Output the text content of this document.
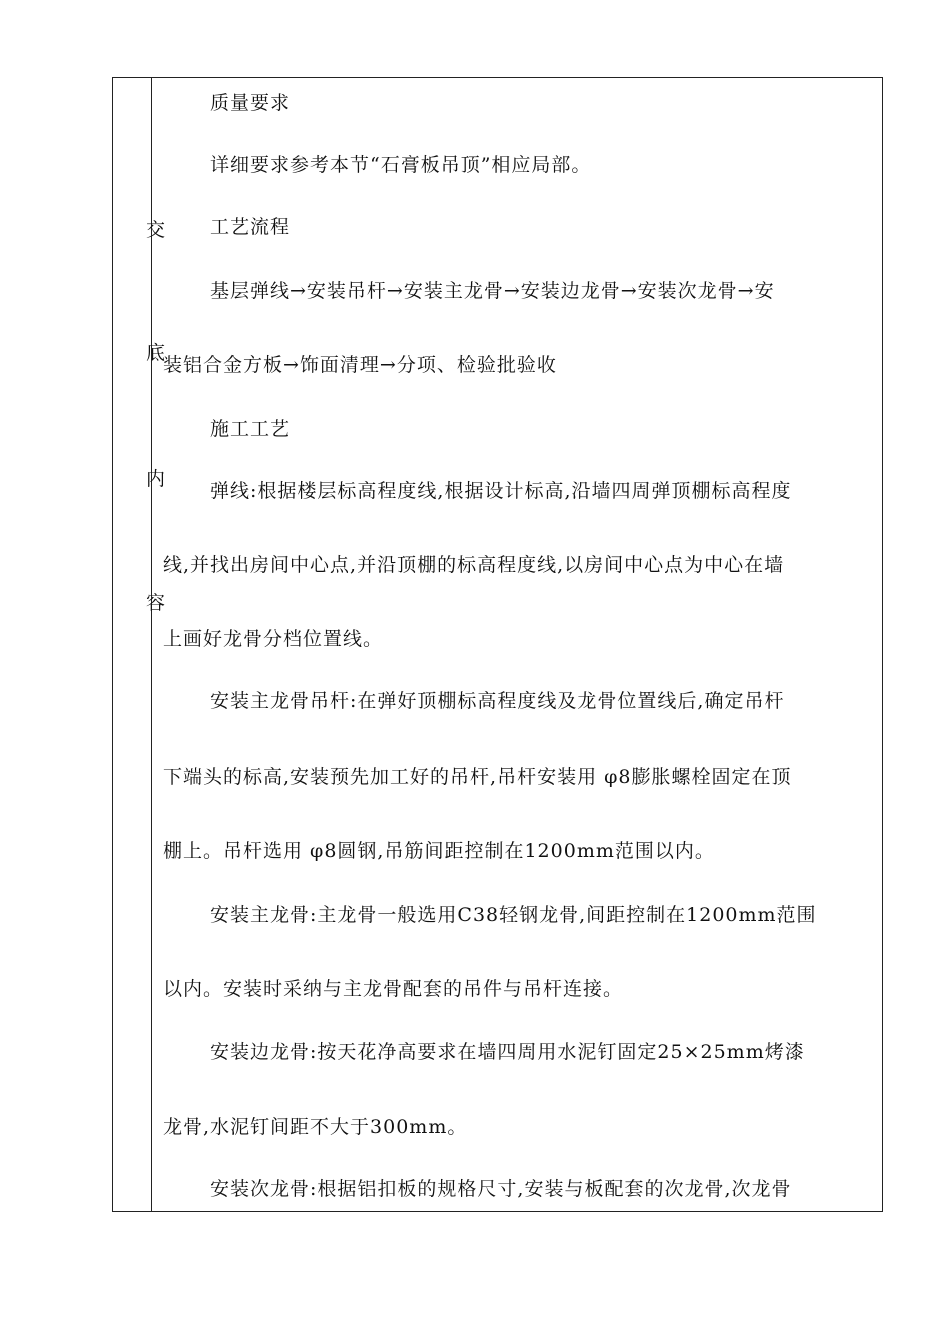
交
底
内
容
质量要求
详细要求参考本节“石膏板吊顶”相应局部。
工艺流程
基层弹线→安装吊杆→安装主龙骨→安装边龙骨→安装次龙骨→安
装铝合金方板→饰面清理→分项、检验批验收
施工工艺
弹线:根据楼层标高程度线,根据设计标高,沿墙四周弹顶棚标高程度
线,并找出房间中心点,并沿顶棚的标高程度线,以房间中心点为中心在墙
上画好龙骨分档位置线。
安装主龙骨吊杆:在弹好顶棚标高程度线及龙骨位置线后,确定吊杆
下端头的标高,安装预先加工好的吊杆,吊杆安装用 φ8膨胀螺栓固定在顶
棚上。吊杆选用 φ8圆钢,吊筋间距控制在1200mm范围以内。
安装主龙骨:主龙骨一般选用C38轻钢龙骨,间距控制在1200mm范围
以内。安装时采纳与主龙骨配套的吊件与吊杆连接。
安装边龙骨:按天花净高要求在墙四周用水泥钉固定25×25mm烤漆
龙骨,水泥钉间距不大于300mm。
安装次龙骨:根据铝扣板的规格尺寸,安装与板配套的次龙骨,次龙骨
